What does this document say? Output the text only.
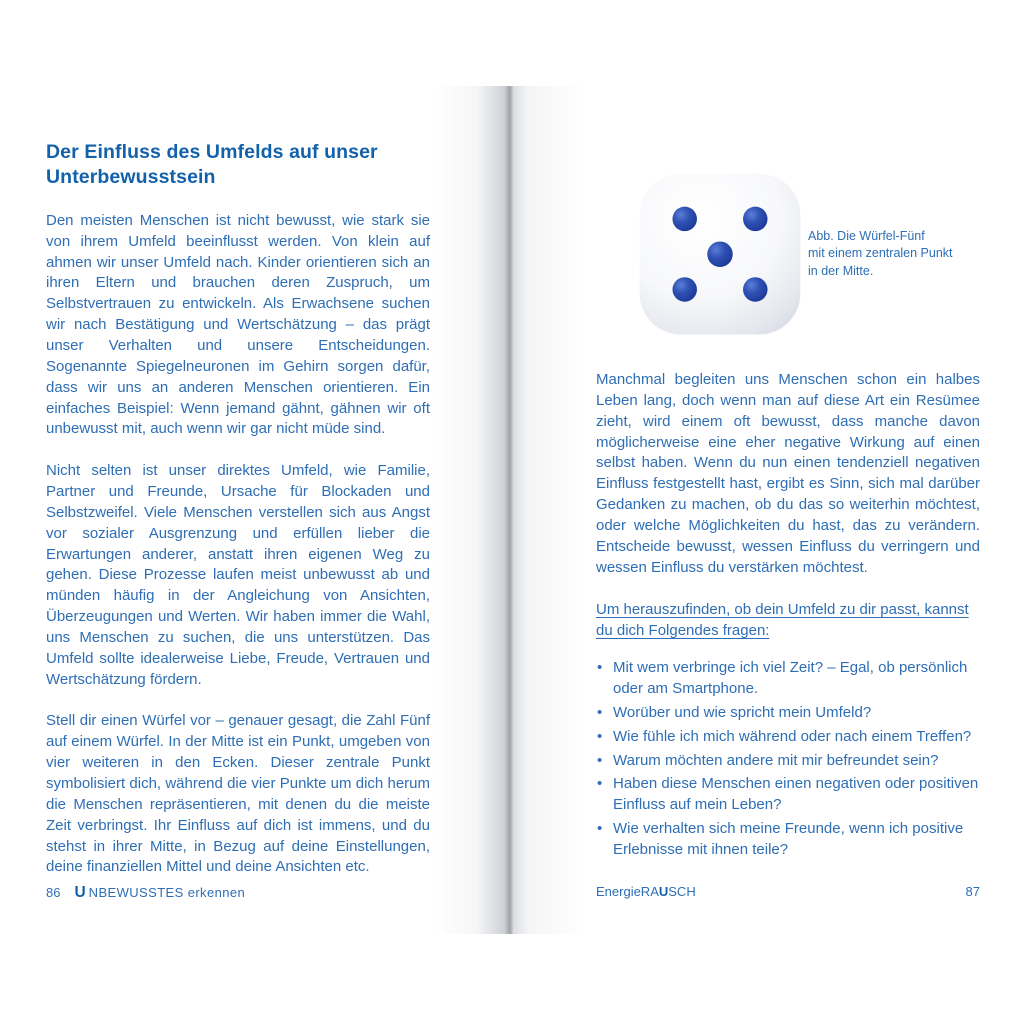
Der Einfluss des Umfelds auf unser Unterbewusstsein

Den meisten Menschen ist nicht bewusst, wie stark sie von ihrem Umfeld beeinflusst werden. Von klein auf ahmen wir unser Umfeld nach. Kinder orientieren sich an ihren Eltern und brauchen deren Zuspruch, um Selbstvertrauen zu entwickeln. Als Erwachsene suchen wir nach Bestätigung und Wertschätzung – das prägt unser Verhalten und unsere Entscheidungen. Sogenannte Spiegelneuronen im Gehirn sorgen dafür, dass wir uns an anderen Menschen orientieren. Ein einfaches Beispiel: Wenn jemand gähnt, gähnen wir oft unbewusst mit, auch wenn wir gar nicht müde sind.

Nicht selten ist unser direktes Umfeld, wie Familie, Partner und Freunde, Ursache für Blockaden und Selbstzweifel. Viele Menschen verstellen sich aus Angst vor sozialer Ausgrenzung und erfüllen lieber die Erwartungen anderer, anstatt ihren eigenen Weg zu gehen. Diese Prozesse laufen meist unbewusst ab und münden häufig in der Angleichung von Ansichten, Überzeugungen und Werten. Wir haben immer die Wahl, uns Menschen zu suchen, die uns unterstützen. Das Umfeld sollte idealerweise Liebe, Freude, Vertrauen und Wertschätzung fördern.

Stell dir einen Würfel vor – genauer gesagt, die Zahl Fünf auf einem Würfel. In der Mitte ist ein Punkt, umgeben von vier weiteren in den Ecken. Dieser zentrale Punkt symbolisiert dich, während die vier Punkte um dich herum die Menschen repräsentieren, mit denen du die meiste Zeit verbringst. Ihr Einfluss auf dich ist immens, und du stehst in ihrer Mitte, in Bezug auf deine Einstellungen, deine finanziellen Mittel und deine Ansichten etc.

Abb. Die Würfel-Fünf
mit einem zentralen Punkt
in der Mitte.

Manchmal begleiten uns Menschen schon ein halbes Leben lang, doch wenn man auf diese Art ein Resümee zieht, wird einem oft bewusst, dass manche davon möglicherweise eine eher negative Wirkung auf einen selbst haben. Wenn du nun einen tendenziell negativen Einfluss festgestellt hast, ergibt es Sinn, sich mal darüber Gedanken zu machen, ob du das so weiterhin möchtest, oder welche Möglichkeiten du hast, das zu verändern. Entscheide bewusst, wessen Einfluss du verringern und wessen Einfluss du verstärken möchtest.

Um herauszufinden, ob dein Umfeld zu dir passt, kannst du dich Folgendes fragen:

• Mit wem verbringe ich viel Zeit? – Egal, ob persönlich oder am Smartphone.
• Worüber und wie spricht mein Umfeld?
• Wie fühle ich mich während oder nach einem Treffen?
• Warum möchten andere mit mir befreundet sein?
• Haben diese Menschen einen negativen oder positiven Einfluss auf mein Leben?
• Wie verhalten sich meine Freunde, wenn ich positive Erlebnisse mit ihnen teile?
86 U NBEWUSSTES erkennen	EnergieRAUSCH	87
